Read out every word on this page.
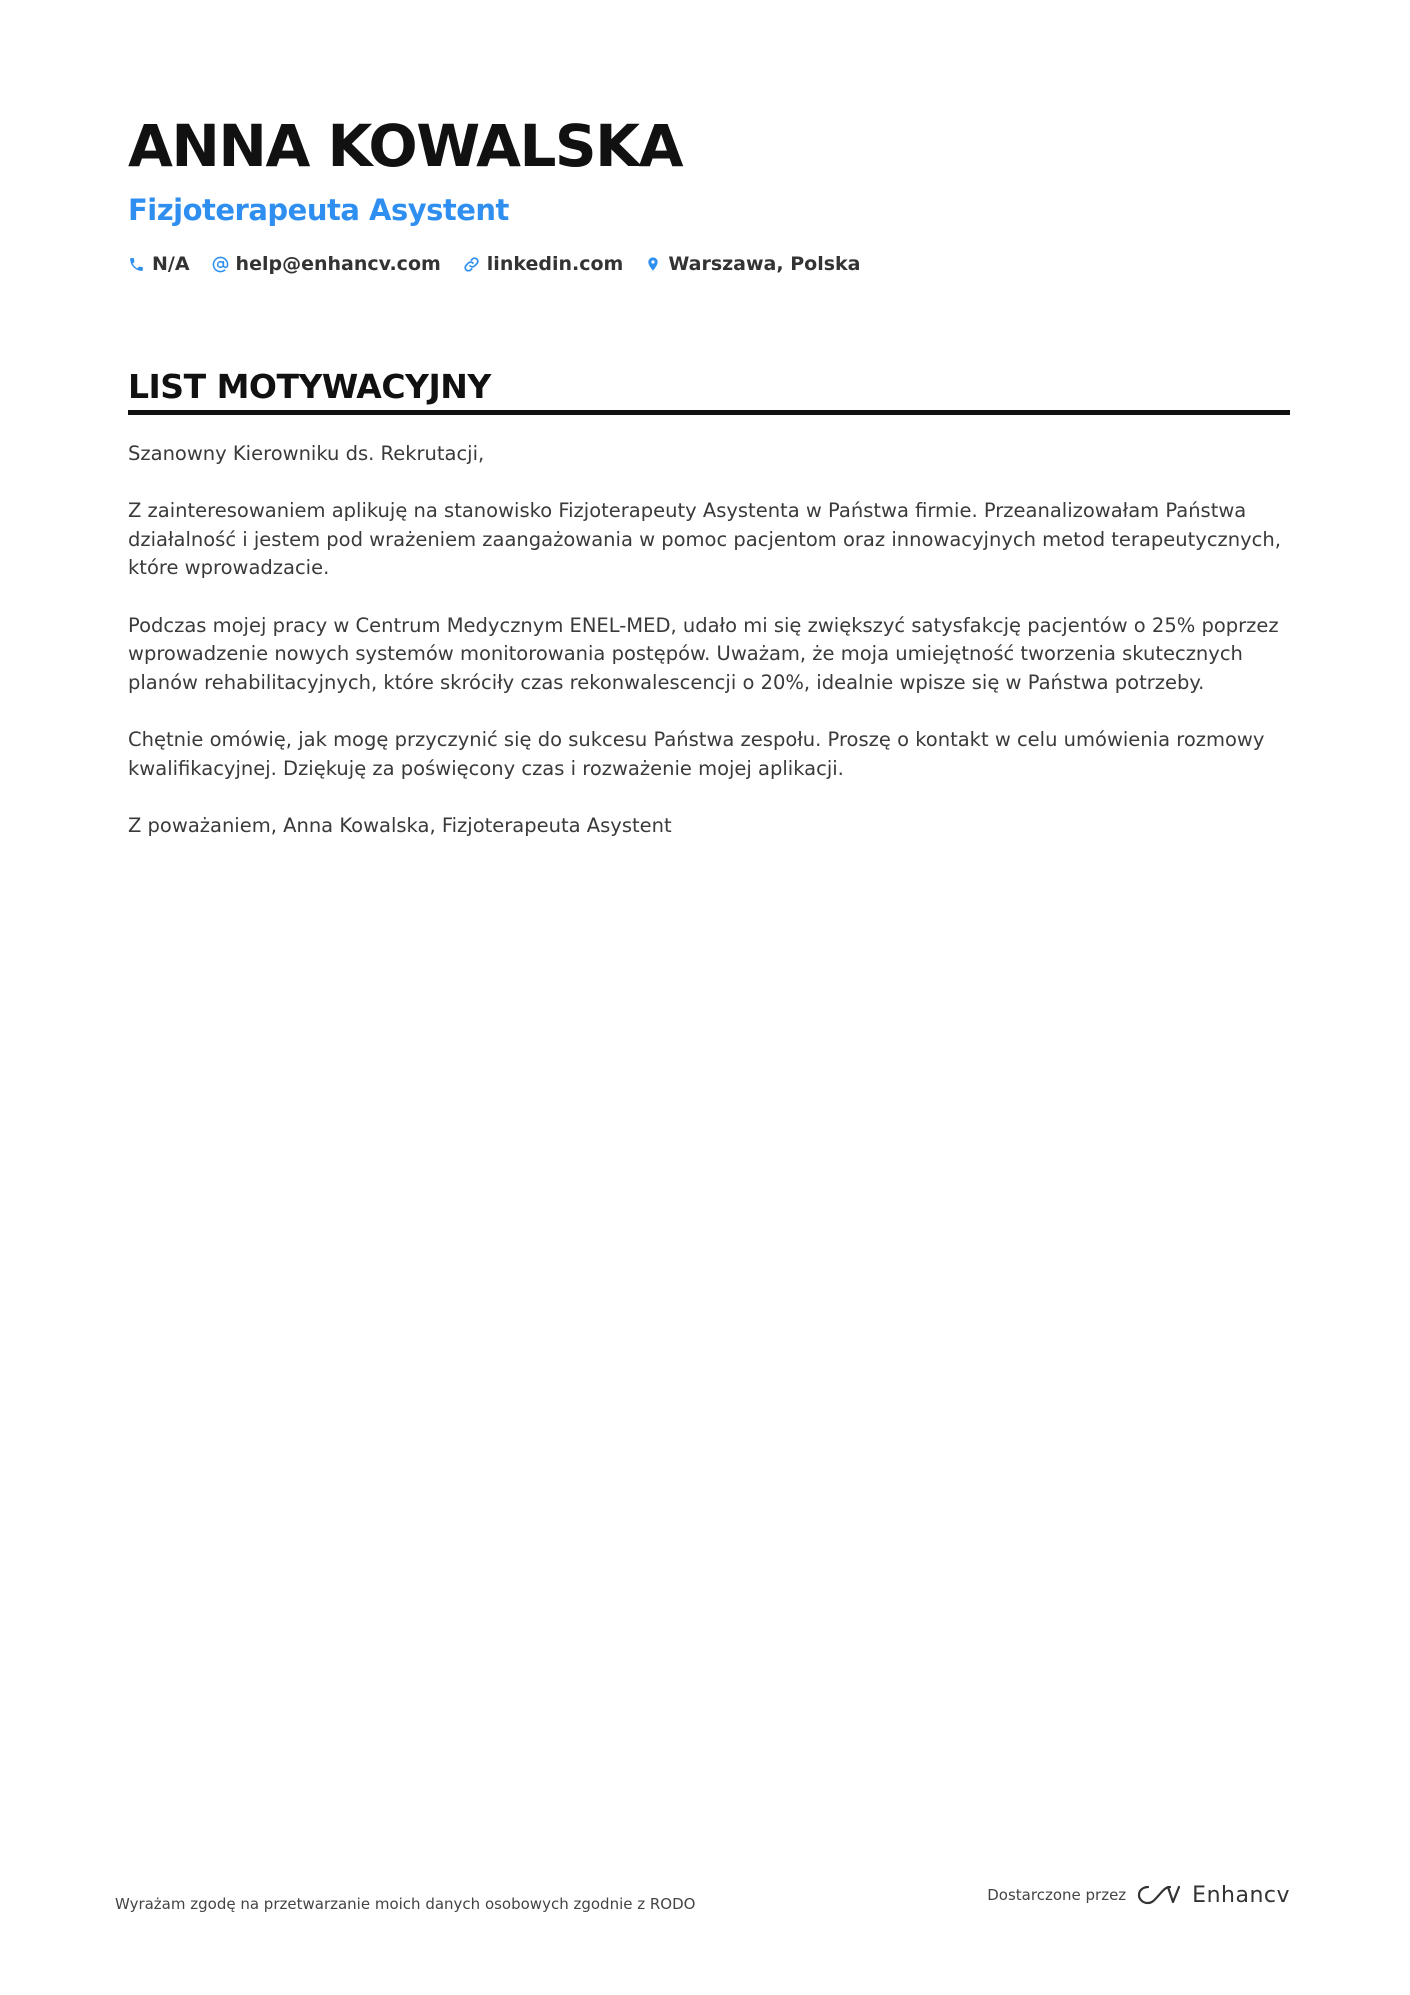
ANNA KOWALSKA
Fizjoterapeuta Asystent
N/A help@enhancv.com linkedin.com Warszawa, Polska
LIST MOTYWACYJNY

Szanowny Kierowniku ds. Rekrutacji,

Z zainteresowaniem aplikuję na stanowisko Fizjoterapeuty Asystenta w Państwa firmie. Przeanalizowałam Państwa działalność i jestem pod wrażeniem zaangażowania w pomoc pacjentom oraz innowacyjnych metod terapeutycznych, które wprowadzacie.

Podczas mojej pracy w Centrum Medycznym ENEL-MED, udało mi się zwiększyć satysfakcję pacjentów o 25% poprzez wprowadzenie nowych systemów monitorowania postępów. Uważam, że moja umiejętność tworzenia skutecznych planów rehabilitacyjnych, które skróciły czas rekonwalescencji o 20%, idealnie wpisze się w Państwa potrzeby.

Chętnie omówię, jak mogę przyczynić się do sukcesu Państwa zespołu. Proszę o kontakt w celu umówienia rozmowy kwalifikacyjnej. Dziękuję za poświęcony czas i rozważenie mojej aplikacji.

Z poważaniem, Anna Kowalska, Fizjoterapeuta Asystent

Wyrażam zgodę na przetwarzanie moich danych osobowych zgodnie z RODO	Dostarczone przez	Enhancv
